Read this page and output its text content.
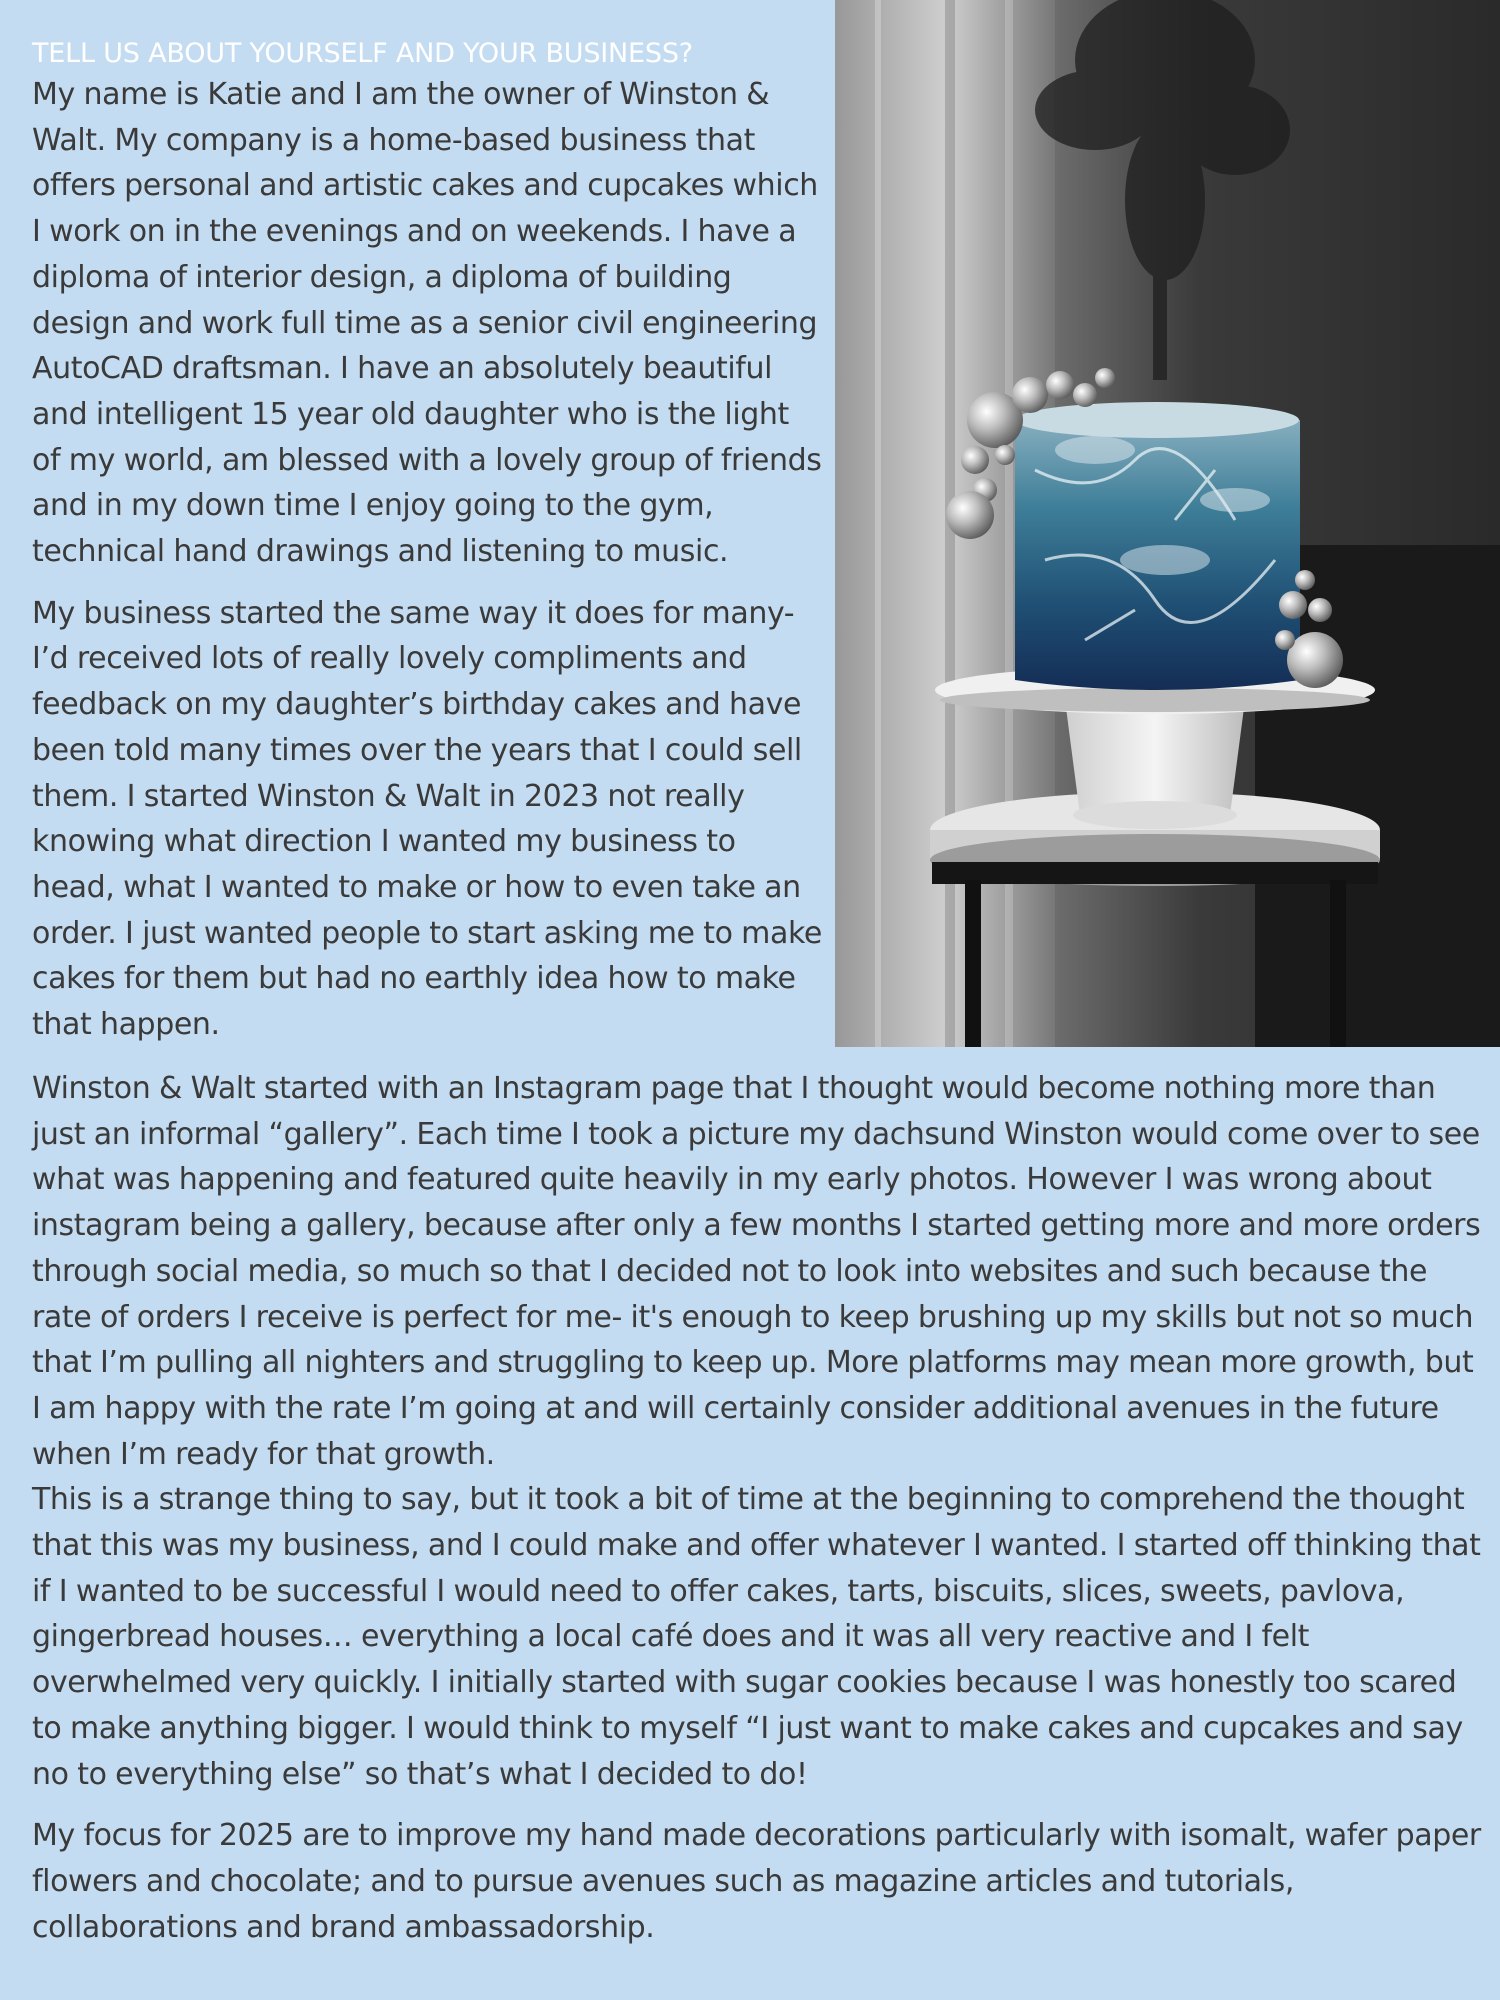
TELL US ABOUT YOURSELF AND YOUR BUSINESS?

My name is Katie and I am the owner of Winston & Walt. My company is a home-based business that offers personal and artistic cakes and cupcakes which I work on in the evenings and on weekends. I have a diploma of interior design, a diploma of building design and work full time as a senior civil engineering AutoCAD draftsman. I have an absolutely beautiful and intelligent 15 year old daughter who is the light of my world, am blessed with a lovely group of friends and in my down time I enjoy going to the gym, technical hand drawings and listening to music.

My business started the same way it does for many- I’d received lots of really lovely compliments and feedback on my daughter’s birthday cakes and have been told many times over the years that I could sell them. I started Winston & Walt in 2023 not really knowing what direction I wanted my business to head, what I wanted to make or how to even take an order. I just wanted people to start asking me to make cakes for them but had no earthly idea how to make that happen.

Winston & Walt started with an Instagram page that I thought would become nothing more than just an informal “gallery”. Each time I took a picture my dachsund Winston would come over to see what was happening and featured quite heavily in my early photos. However I was wrong about instagram being a gallery, because after only a few months I started getting more and more orders through social media, so much so that I decided not to look into websites and such because the rate of orders I receive is perfect for me- it's enough to keep brushing up my skills but not so much that I’m pulling all nighters and struggling to keep up. More platforms may mean more growth, but I am happy with the rate I’m going at and will certainly consider additional avenues in the future when I’m ready for that growth.

This is a strange thing to say, but it took a bit of time at the beginning to comprehend the thought that this was my business, and I could make and offer whatever I wanted. I started off thinking that if I wanted to be successful I would need to offer cakes, tarts, biscuits, slices, sweets, pavlova, gingerbread houses… everything a local café does and it was all very reactive and I felt overwhelmed very quickly. I initially started with sugar cookies because I was honestly too scared to make anything bigger. I would think to myself “I just want to make cakes and cupcakes and say no to everything else” so that’s what I decided to do!

My focus for 2025 are to improve my hand made decorations particularly with isomalt, wafer paper flowers and chocolate; and to pursue avenues such as magazine articles and tutorials, collaborations and brand ambassadorship.
